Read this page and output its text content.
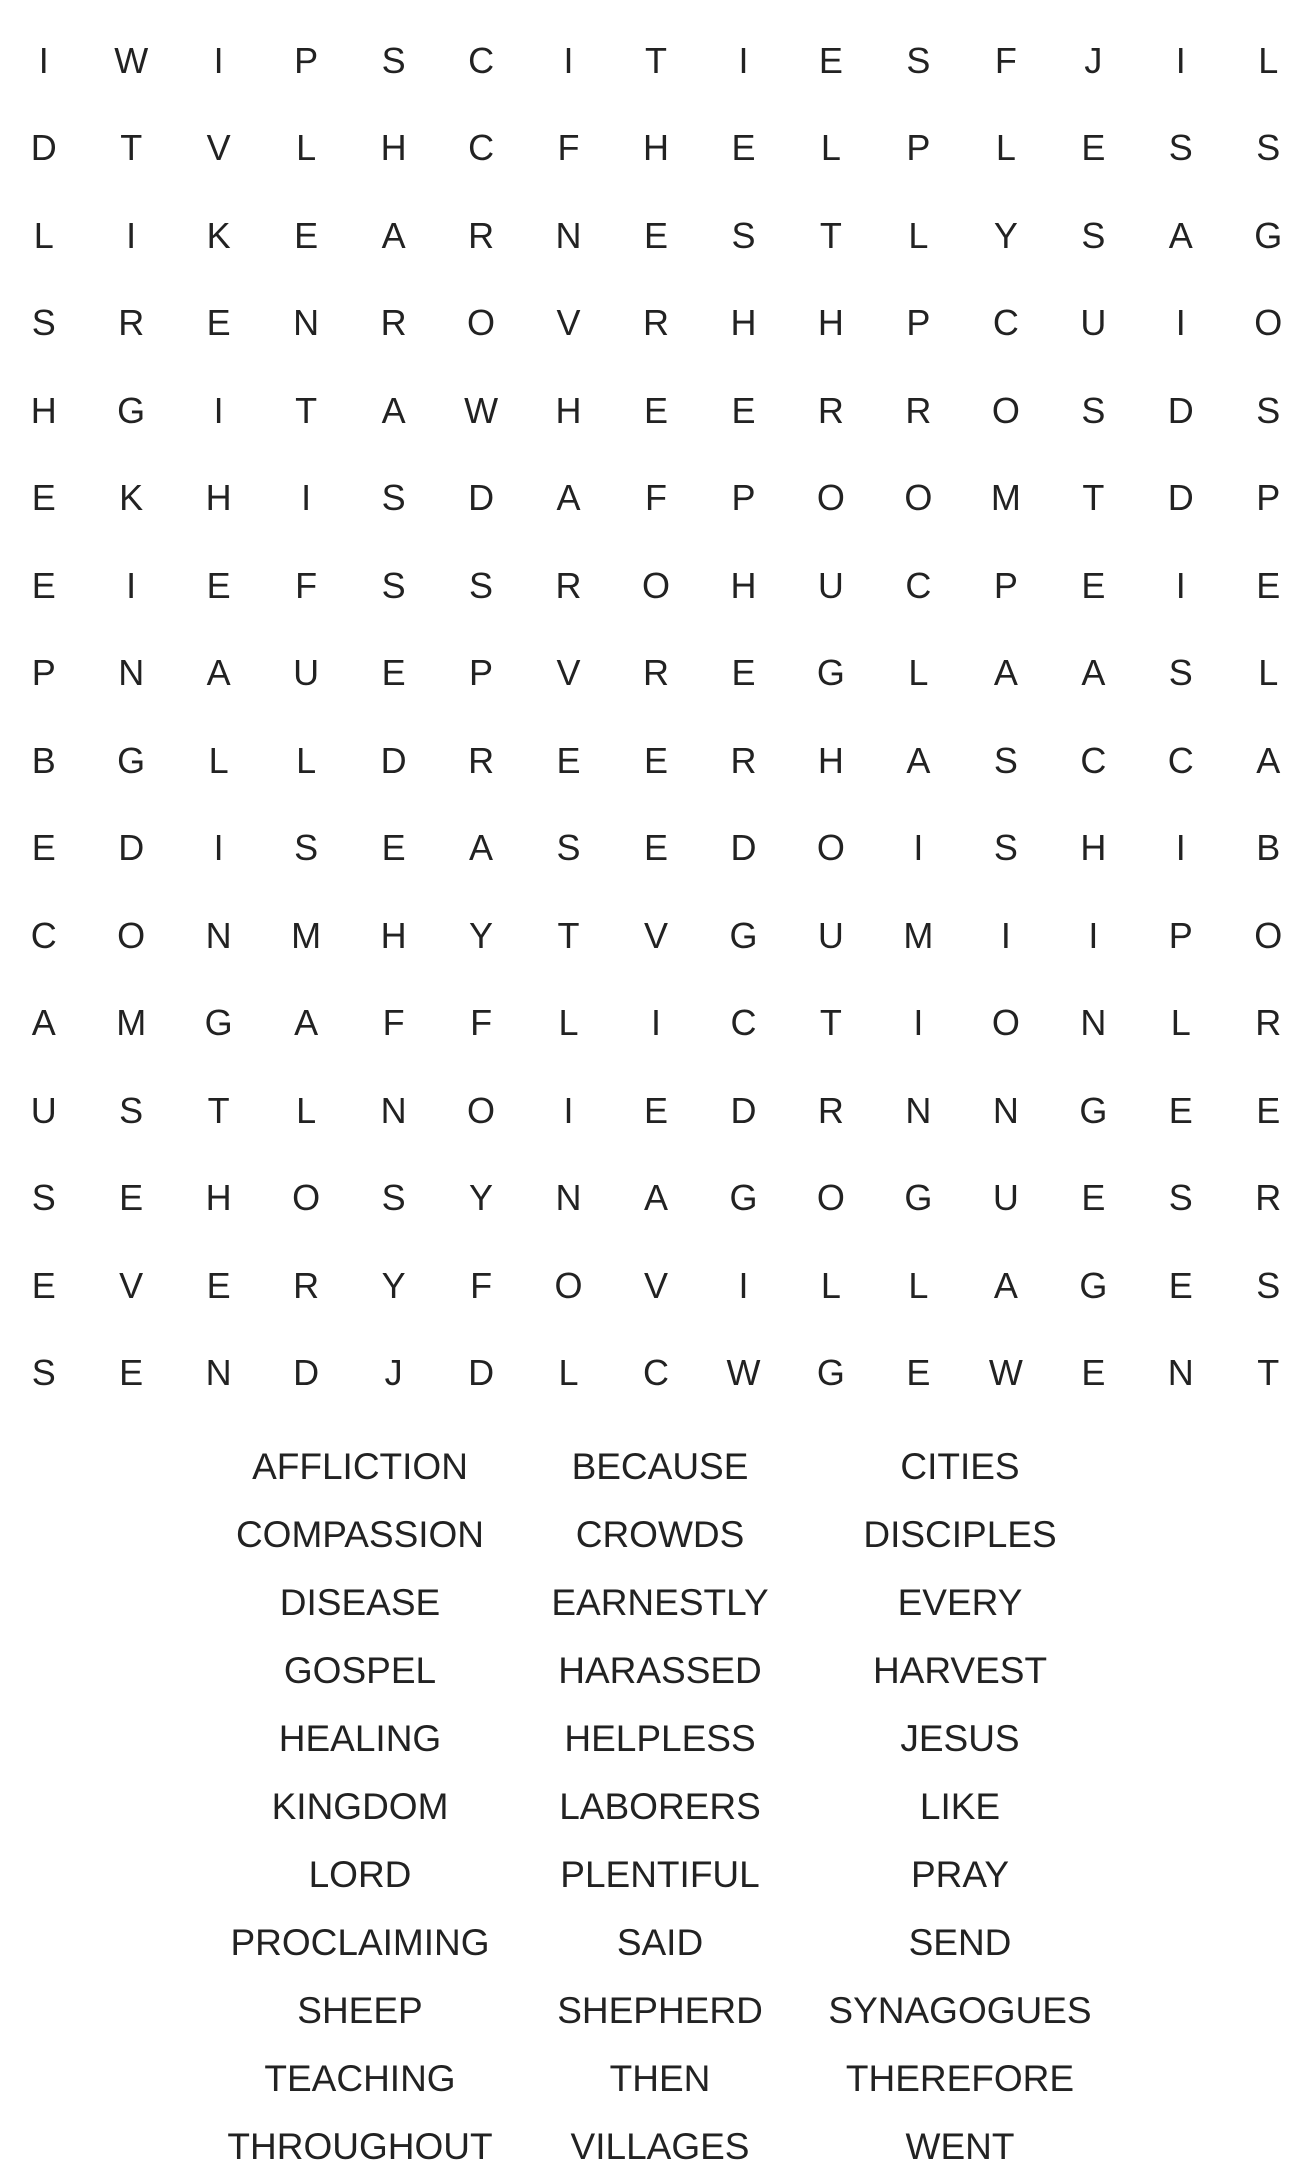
I	W	I	P	S	C	I	T	I	E	S	F	J	I	L
D	T	V	L	H	C	F	H	E	L	P	L	E	S	S
L	I	K	E	A	R	N	E	S	T	L	Y	S	A	G
S	R	E	N	R	O	V	R	H	H	P	C	U	I	O
H	G	I	T	A	W	H	E	E	R	R	O	S	D	S
E	K	H	I	S	D	A	F	P	O	O	M	T	D	P
E	I	E	F	S	S	R	O	H	U	C	P	E	I	E
P	N	A	U	E	P	V	R	E	G	L	A	A	S	L
B	G	L	L	D	R	E	E	R	H	A	S	C	C	A
E	D	I	S	E	A	S	E	D	O	I	S	H	I	B
C	O	N	M	H	Y	T	V	G	U	M	I	I	P	O
A	M	G	A	F	F	L	I	C	T	I	O	N	L	R
U	S	T	L	N	O	I	E	D	R	N	N	G	E	E
S	E	H	O	S	Y	N	A	G	O	G	U	E	S	R
E	V	E	R	Y	F	O	V	I	L	L	A	G	E	S
S	E	N	D	J	D	L	C	W	G	E	W	E	N	T
AFFLICTION	BECAUSE	CITIES
COMPASSION	CROWDS	DISCIPLES
DISEASE	EARNESTLY	EVERY
GOSPEL	HARASSED	HARVEST
HEALING	HELPLESS	JESUS
KINGDOM	LABORERS	LIKE
LORD	PLENTIFUL	PRAY
PROCLAIMING	SAID	SEND
SHEEP	SHEPHERD	SYNAGOGUES
TEACHING	THEN	THEREFORE
THROUGHOUT	VILLAGES	WENT
